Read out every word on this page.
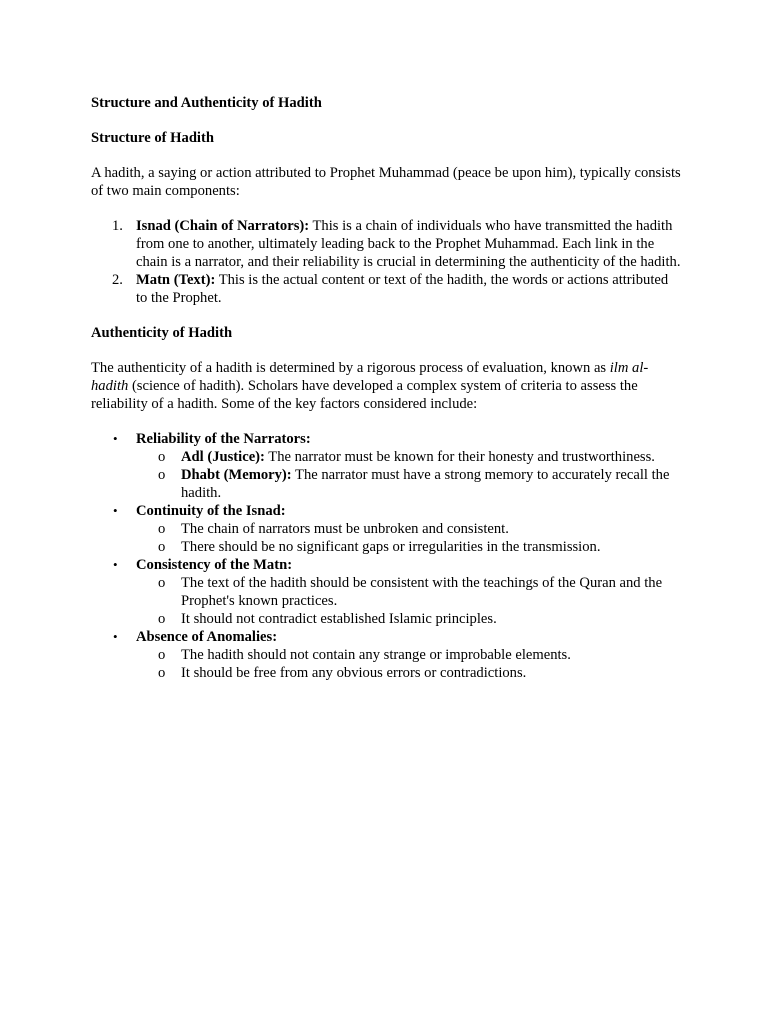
Structure and Authenticity of Hadith

Structure of Hadith

A hadith, a saying or action attributed to Prophet Muhammad (peace be upon him), typically consists of two main components:

1. Isnad (Chain of Narrators): This is a chain of individuals who have transmitted the hadith from one to another, ultimately leading back to the Prophet Muhammad. Each link in the chain is a narrator, and their reliability is crucial in determining the authenticity of the hadith.
2. Matn (Text): This is the actual content or text of the hadith, the words or actions attributed to the Prophet.

Authenticity of Hadith

The authenticity of a hadith is determined by a rigorous process of evaluation, known as ilm al-hadith (science of hadith). Scholars have developed a complex system of criteria to assess the reliability of a hadith. Some of the key factors considered include:

• Reliability of the Narrators:
o Adl (Justice): The narrator must be known for their honesty and trustworthiness.
o Dhabt (Memory): The narrator must have a strong memory to accurately recall the hadith.
• Continuity of the Isnad:
o The chain of narrators must be unbroken and consistent.
o There should be no significant gaps or irregularities in the transmission.
• Consistency of the Matn:
o The text of the hadith should be consistent with the teachings of the Quran and the Prophet's known practices.
o It should not contradict established Islamic principles.
• Absence of Anomalies:
o The hadith should not contain any strange or improbable elements.
o It should be free from any obvious errors or contradictions.
